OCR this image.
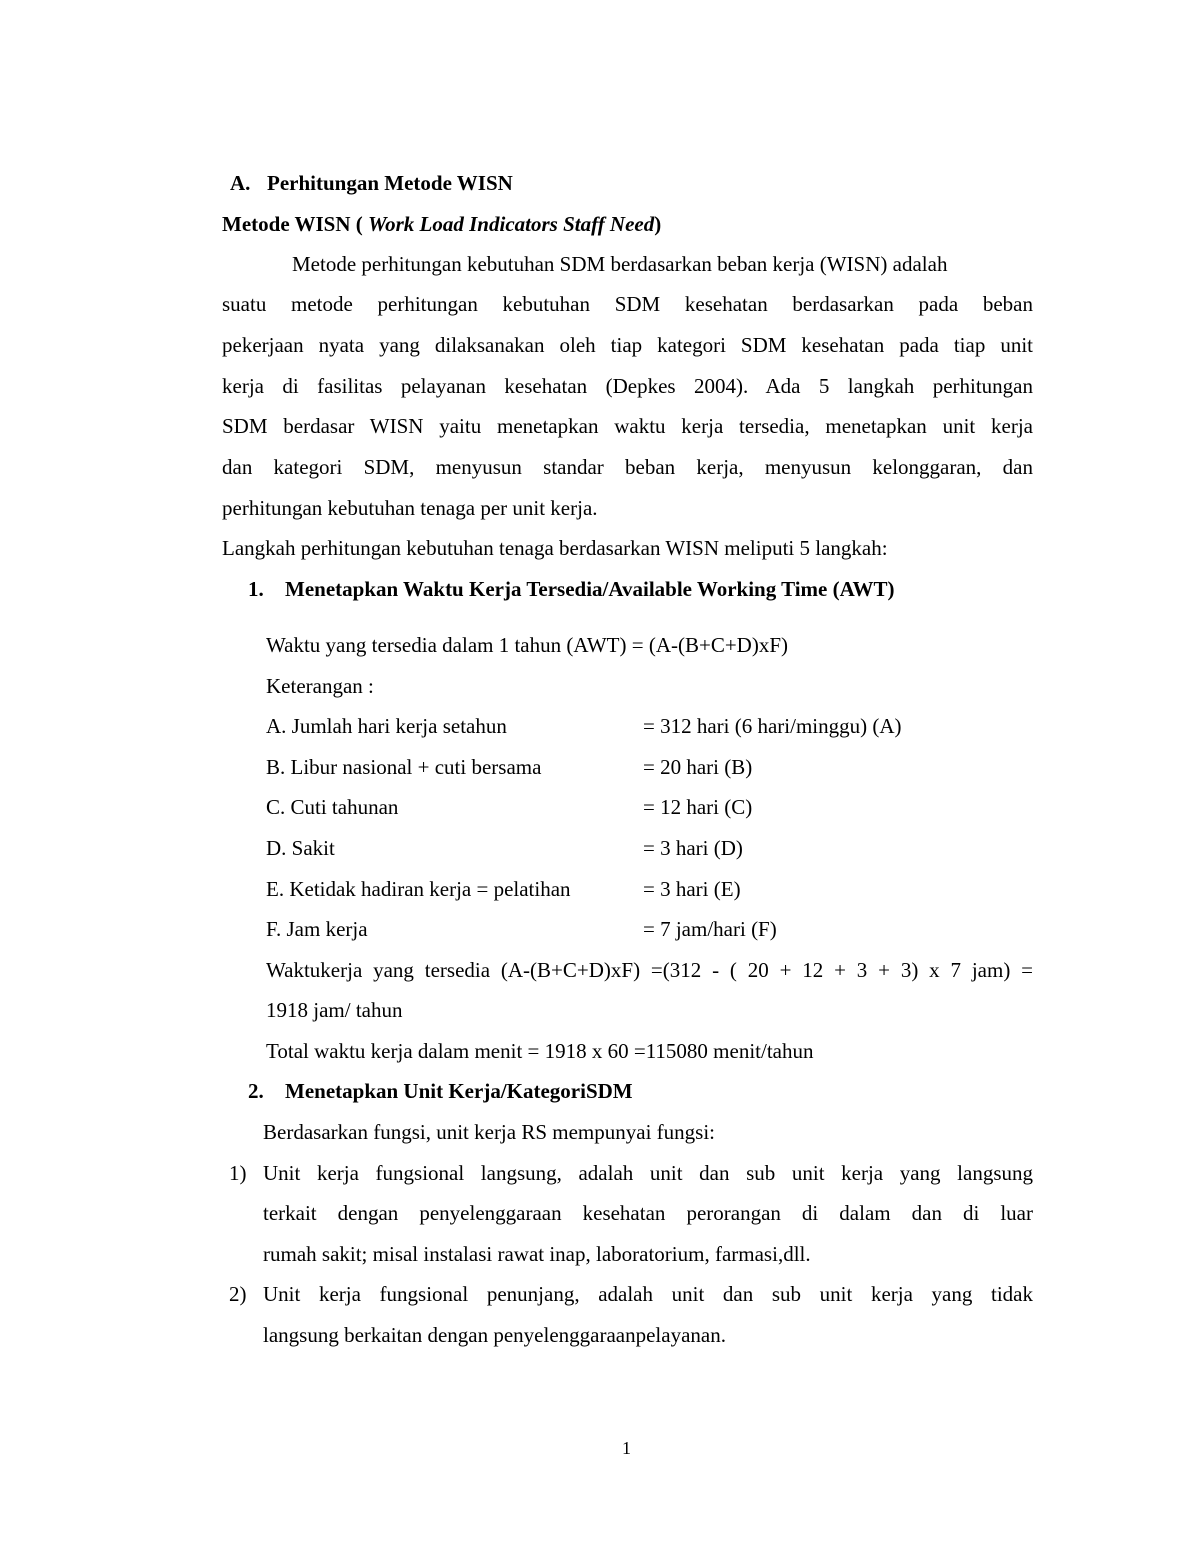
A. Perhitungan Metode WISN
Metode WISN ( Work Load Indicators Staff Need)
Metode perhitungan kebutuhan SDM berdasarkan beban kerja (WISN) adalah
suatu metode perhitungan kebutuhan SDM kesehatan berdasarkan pada beban
pekerjaan nyata yang dilaksanakan oleh tiap kategori SDM kesehatan pada tiap unit
kerja di fasilitas pelayanan kesehatan (Depkes 2004). Ada 5 langkah perhitungan
SDM berdasar WISN yaitu menetapkan waktu kerja tersedia, menetapkan unit kerja
dan kategori SDM, menyusun standar beban kerja, menyusun kelonggaran, dan
perhitungan kebutuhan tenaga per unit kerja.
Langkah perhitungan kebutuhan tenaga berdasarkan WISN meliputi 5 langkah:
1. Menetapkan Waktu Kerja Tersedia/Available Working Time (AWT)
Waktu yang tersedia dalam 1 tahun (AWT) = (A-(B+C+D)xF)
Keterangan :
A. Jumlah hari kerja setahun	= 312 hari (6 hari/minggu) (A)
B. Libur nasional + cuti bersama	= 20 hari (B)
C. Cuti tahunan	= 12 hari (C)
D. Sakit	= 3 hari (D)
E. Ketidak hadiran kerja = pelatihan	= 3 hari (E)
F. Jam kerja	= 7 jam/hari (F)
Waktukerja yang tersedia (A-(B+C+D)xF) =(312 - ( 20 + 12 + 3 + 3) x 7 jam) =
1918 jam/ tahun
Total waktu kerja dalam menit = 1918 x 60 =115080 menit/tahun
2. Menetapkan Unit Kerja/KategoriSDM
Berdasarkan fungsi, unit kerja RS mempunyai fungsi:
1) Unit kerja fungsional langsung, adalah unit dan sub unit kerja yang langsung
terkait dengan penyelenggaraan kesehatan perorangan di dalam dan di luar
rumah sakit; misal instalasi rawat inap, laboratorium, farmasi,dll.
2) Unit kerja fungsional penunjang, adalah unit dan sub unit kerja yang tidak
langsung berkaitan dengan penyelenggaraanpelayanan.
1
